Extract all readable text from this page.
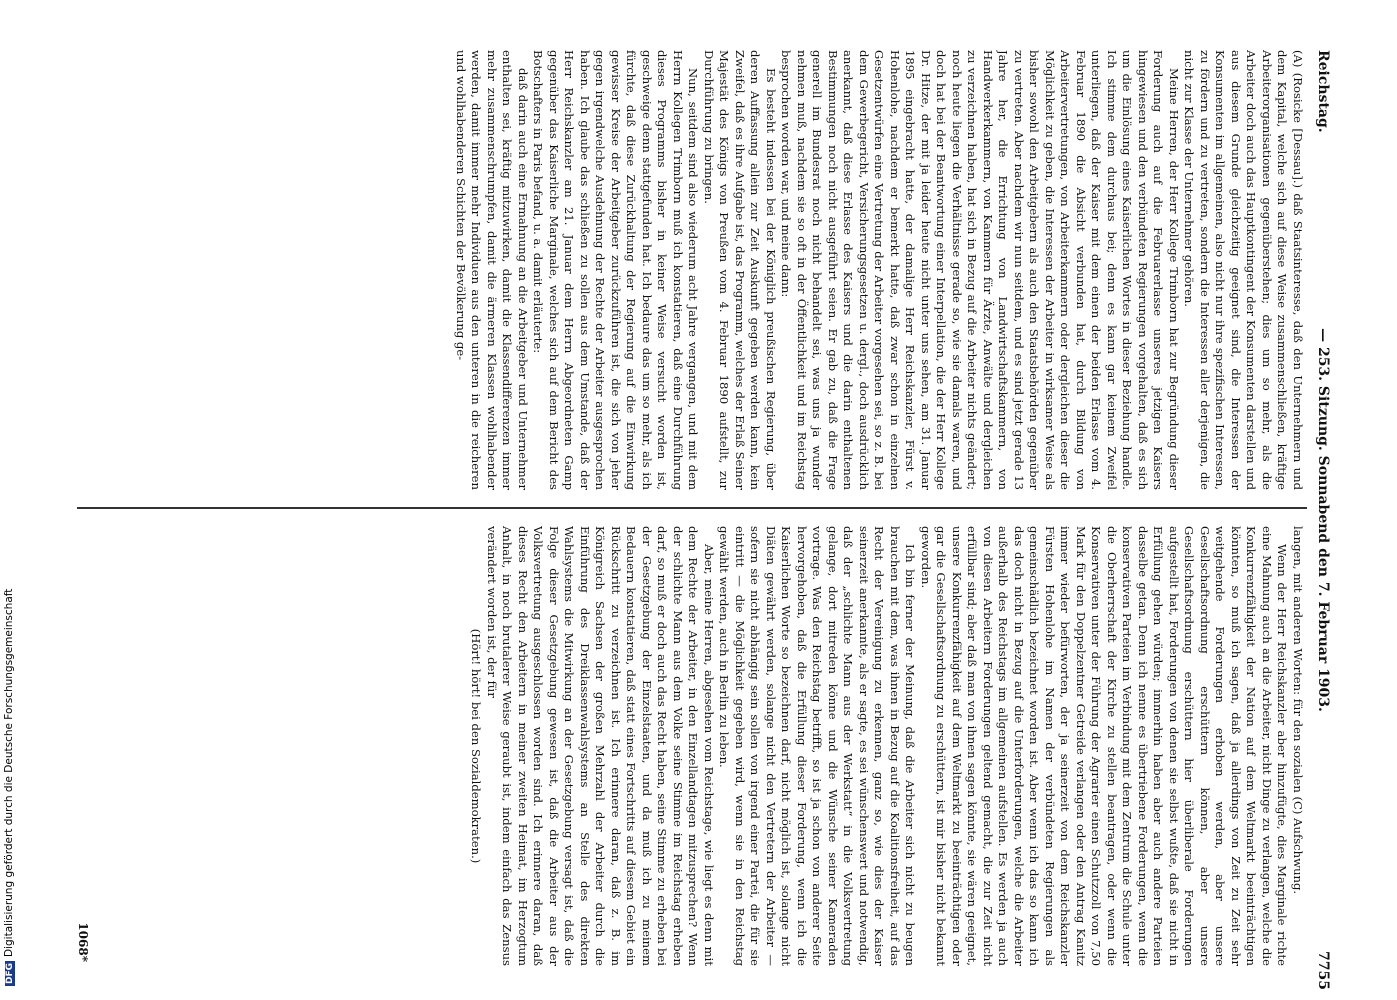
DFGDigitalisierung gefördert durch die Deutsche Forschungsgemeinschaft
Reichstag.
— 253. Sitzung. Sonnabend den 7. Februar 1903.
7755

(A) (Rosicke [Dessau].) daß Staatsinteresse, daß den Unternehmern und dem Kapital, welche sich auf diese Weise zusammenschließen, kräftige Arbeiterorganisationen gegenüberstehen; dies um so mehr, als die Arbeiter doch auch das Hauptkontingent der Konsumenten darstellen und aus diesem Grunde gleichzeitig geeignet sind, die Interessen der Konsumenten im allgemeinen, also nicht nur ihre spezifischen Interessen, zu fördern und zu vertreten, sondern die Interessen aller derjenigen, die nicht zur Klasse der Unternehmer gehören.

Meine Herren, der Herr Kollege Trimborn hat zur Begründung dieser Forderung auch auf die Februarerlasse unseres jetzigen Kaisers hingewiesen und den verbündeten Regierungen vorgehalten, daß es sich um die Einlösung eines Kaiserlichen Wortes in dieser Beziehung handle. Ich stimme dem durchaus bei; denn es kann gar keinem Zweifel unterliegen, daß der Kaiser mit dem einen der beiden Erlasse vom 4. Februar 1890 die Absicht verbunden hat, durch Bildung von Arbeitervertretungen, von Arbeiterkammern oder dergleichen dieser die Möglichkeit zu geben, die Interessen der Arbeiter in wirksamer Weise als bisher sowohl den Arbeitgebern als auch den Staatsbehörden gegenüber zu vertreten. Aber nachdem wir nun seitdem, und es sind jetzt gerade 13 Jahre her, die Errichtung von Landwirtschaftskammern, von Handwerkerkammern, von Kammern für Ärzte, Anwälte und dergleichen zu verzeichnen haben, hat sich in Bezug auf die Arbeiter nichts geändert; noch heute liegen die Verhältnisse gerade so, wie sie damals waren, und doch hat bei der Beantwortung einer Interpellation, die der Herr Kollege Dr. Hitze, der mit ja leider heute nicht unter uns sehen, am 31. Januar 1895 eingebracht hatte, der damalige Herr Reichskanzler, Fürst v. Hohenlohe, nachdem er bemerkt hatte, daß zwar schon in einzelnen Gesetzentwürfen eine Vertretung der Arbeiter vorgesehen sei, so z. B. bei dem Gewerbegericht, Versicherungsgesetzen u. dergl., doch ausdrücklich anerkannt, daß diese Erlasse des Kaisers und die darin enthaltenen Bestimmungen noch nicht ausgeführt seien. Er gab zu, daß die Frage generell im Bundesrat noch nicht behandelt sei, was uns ja wunder nehmen muß, nachdem sie so oft in der Öffentlichkeit und im Reichstag besprochen worden war, und meine dann:

Es besteht indessen bei der Königlich preußischen Regierung, über deren Auffassung allein zur Zeit Auskunft gegeben werden kann, kein Zweifel, daß es ihre Aufgabe ist, das Programm, welches der Erlaß Seiner Majestät des Königs von Preußen vom 4. Februar 1890 aufstellt, zur Durchführung zu bringen.

Nun, seitdem sind also wiederum acht Jahre vergangen, und mit dem Herrn Kollegen Trimborn muß ich konstatieren, daß eine Durchführung dieses Programms bisher in keiner Weise versucht worden ist, geschweige denn stattgefunden hat. Ich bedaure das um so mehr, als ich fürchte, daß diese Zurückhaltung der Regierung auf die Einwirkung gewisser Kreise der Arbeitgeber zurückzuführen ist, die sich von jeher gegen irgendwelche Ausdehnung der Rechte der Arbeiter ausgesprochen haben. Ich glaube das schließen zu sollen aus dem Umstande, daß der Herr Reichskanzler am 21. Januar dem Herrn Abgeordneten Gamp gegenüber das Kaiserliche Marginale, welches sich auf dem Bericht des Botschafters in Paris befand, u. a. damit erläuterte:

daß darin auch eine Ermahnung an die Arbeitgeber und Unternehmer enthalten sei, kräftig mitzuwirken, damit die Klassendifferenzen immer mehr zusammenschrumpfen, damit die ärmeren Klassen wohlhabender werden, damit immer mehr Individuen aus den unteren in die reicheren und wohlhabenderen Schichten der Bevölkerung ge-

langen, mit anderen Worten: für den sozialen (C) Aufschwung.

Wenn der Herr Reichskanzler aber hinzufügte, dies Marginale richte eine Mahnung auch an die Arbeiter, nicht Dinge zu verlangen, welche die Konkurrenzfähigkeit der Nation auf dem Weltmarkt beeinträchtigen könnten, so muß ich sagen, daß ja allerdings von Zeit zu Zeit sehr weitgehende Forderungen erhoben werden, aber unsere Gesellschaftsordnung erschüttern können, aber unsere Gesellschaftsordnung erschüttern hier überliberale Forderungen aufgestellt hat, Forderungen von denen sie selbst wußte, daß sie nicht in Erfüllung gehen würden; immerhin haben aber auch andere Parteien dasselbe getan. Denn ich nenne es übertriebene Forderungen, wenn die konservativen Parteien im Verbindung mit dem Zentrum die Schule unter die Oberherrschaft der Kirche zu stellen beantragen, oder wenn die Konservativen unter der Führung der Agrarier einen Schutzzoll von 7,50 Mark für den Doppelzentner Getreide verlangen oder den Antrag Kanitz immer wieder befürworten, der ja seinerzeit von dem Reichskanzler Fürsten Hohenlohe im Namen der verbündeten Regierungen als gemeinschädlich bezeichnet worden ist. Aber wenn ich das so kann ich das doch nicht in Bezug auf die Unterforderungen, welche die Arbeiter außerhalb des Reichstags im allgemeinen aufstellen. Es werden ja auch von diesen Arbeitern Forderungen geltend gemacht, die zur Zeit nicht erfüllbar sind; aber daß man von ihnen sagen könnte, sie wären geeignet, unsere Konkurrenzfähigkeit auf dem Weltmarkt zu beeinträchtigen oder gar die Gesellschaftsordnung zu erschüttern, ist mir bisher nicht bekannt geworden.

Ich bin ferner der Meinung, daß die Arbeiter sich nicht zu beugen brauchen mit dem, was ihnen in Bezug auf die Koalitionsfreiheit, auf das Recht der Vereinigung zu erkennen, ganz so, wie dies der Kaiser seinerzeit anerkannte, als er sagte, es sei wünschenswert und notwendig, daß der „schlichte Mann aus der Werkstatt“ in die Volksvertretung gelange, dort mitreden könne und die Wünsche seiner Kameraden vortrage. Was den Reichstag betrifft, so ist ja schon von anderer Seite hervorgehoben, daß die Erfüllung dieser Forderung, wenn ich die Kaiserlichen Worte so bezeichnen darf, nicht möglich ist, solange nicht Diäten gewährt werden, solange nicht den Vertretern der Arbeiter — sofern sie nicht abhängig sein sollen von irgend einer Partei, die für sie eintritt — die Möglichkeit gegeben wird, wenn sie in den Reichstag gewählt werden, auch in Berlin zu leben.

Aber, meine Herren, abgesehen vom Reichstage, wie liegt es denn mit dem Rechte der Arbeiter, in den Einzellandtagen mitzusprechen? Wenn der schlichte Mann aus dem Volke seine Stimme im Reichstag erheben darf, so muß er doch auch das Recht haben, seine Stimme zu erheben bei der Gesetzgebung der Einzelstaaten, und da muß ich zu meinem Bedauern konstatieren, daß statt eines Fortschritts auf diesem Gebiet ein Rückschritt zu verzeichnen ist. Ich erinnere daran, daß z. B. im Königreich Sachsen der großen Mehrzahl der Arbeiter durch die Einführung des Dreiklassenwahlsystems an Stelle des direkten Wahlsystems die Mitwirkung an der Gesetzgebung versagt ist, daß die Folge dieser Gesetzgebung gewesen ist, daß die Arbeiter aus der Volksvertretung ausgeschlossen worden sind. Ich erinnere daran, daß dieses Recht den Arbeitern in meiner zweiten Heimat, im Herzogtum Anhalt, in noch brutalerer Weise geraubt ist, indem einfach das Zensus verändert worden ist, der für

(Hört! hört! bei den Sozialdemokraten.)

1068*
